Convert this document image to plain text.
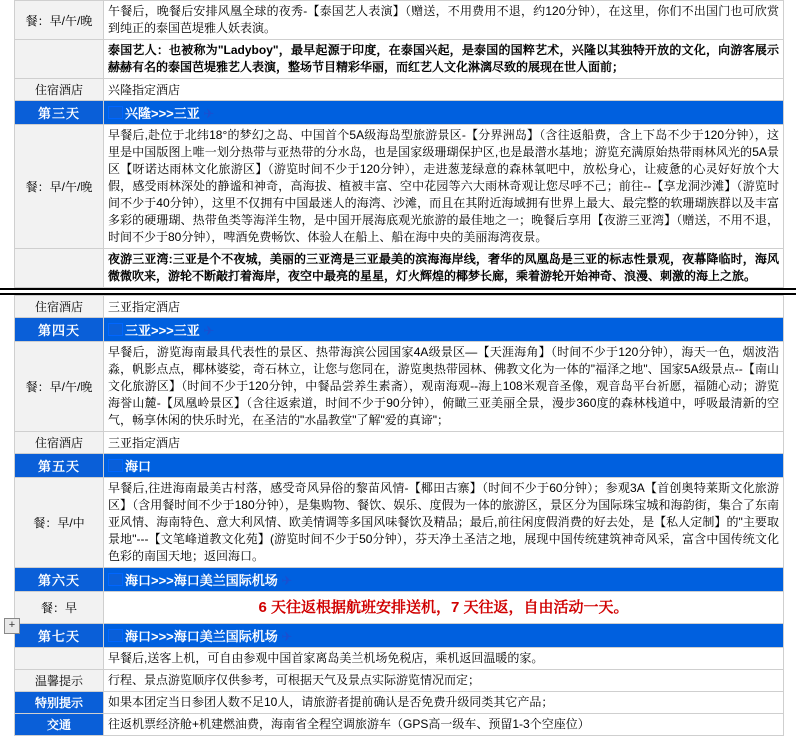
餐：早/午/晚	午餐后，晚餐后安排风凰全球的夜秀-【泰国艺人表演】（赠送，不用费用不退，约120分钟），在这里，你们不出国门也可欣赏到纯正的泰国芭堤雅人妖表演。
	泰国艺人：也被称为"Ladyboy"，最早起源于印度，在泰国兴起，是泰国的国粹艺术，兴隆以其独特开放的文化，向游客展示赫赫有名的泰国芭堤雅艺人表演，整场节目精彩华丽，而红艺人文化淋漓尽致的展现在世人面前；
住宿酒店	兴隆指定酒店
第三天	兴隆>>>三亚 ✈
餐：早/午/晚	早餐后,赴位于北纬18°的梦幻之岛、中国首个5A级海岛型旅游景区-【分界洲岛】（含往返船费，含上下岛不少于120分钟），这里是中国版图上唯一划分热带与亚热带的分水岛，也是国家级珊瑚保护区,也是最潜水基地；游览充满原始热带雨林风光的5A景区【呀诺达雨林文化旅游区】（游览时间不少于120分钟），走进葱茏绿意的森林氧吧中，放松身心，让疲惫的心灵好好放个大假，感受雨林深处的静谧和神奇，高海拔、植被丰富、空中花园等六大雨林奇观让您尽呼不己；前往--【享龙洞沙滩】（游览时间不少于40分钟），这里不仅拥有中国最迷人的海湾、沙滩，而且在其附近海域拥有世界上最大、最完整的软珊瑚族群以及丰富多彩的硬珊瑚、热带鱼类等海洋生物，是中国开展海底观光旅游的最佳地之一；晚餐后享用【夜游三亚湾】（赠送，不用不退，时间不少于80分钟），啤酒免费畅饮、体验人在船上、船在海中央的美丽海湾夜景。
	夜游三亚湾:三亚是个不夜城，美丽的三亚湾是三亚最美的滨海海岸线，奢华的凤凰岛是三亚的标志性景观，夜幕降临时，海风微微吹来，游轮不断敲打着海岸，夜空中最亮的星星，灯火辉煌的椰梦长廊，乘着游轮开始神奇、浪漫、刺激的海上之旅。
住宿酒店	三亚指定酒店
第四天	三亚>>>三亚 ✈
餐：早/午/晚	早餐后，游览海南最具代表性的景区、热带海滨公园国家4A级景区—【天涯海角】（时间不少于120分钟），海天一色，烟波浩淼，帆影点点，椰林婆娑，奇石林立，让您与您同在，游览奥热带园林、佛教文化为一体的"福泽之地"、国家5A级景点--【南山文化旅游区】（时间不少于120分钟，中餐品尝养生素斋），观南海观--海上108米观音圣像，观音岛平台祈愿，福随心动；游览海誉山麓-【凤凰岭景区】（含往返索道，时间不少于90分钟），俯瞰三亚美丽全景，漫步360度的森林栈道中，呼吸最清新的空气，畅享休闲的快乐时光，在圣洁的"水晶教堂"了解"爱的真谛"；
住宿酒店	三亚指定酒店
第五天	海口
餐：早/中	早餐后,往进海南最美古村落，感受奇风异俗的黎苗风情-【椰田古寨】（时间不少于60分钟）；参观3A【首创奥特莱斯文化旅游区】（含用餐时间不少于180分钟），是集购物、餐饮、娱乐、度假为一体的旅游区，景区分为国际珠宝城和海韵街，集合了东南亚风情、海南特色、意大利风情、欧美情调等多国风味餐饮及精品；最后,前往闲度假消费的好去处，是【私人定制】的"主要取景地"---【文笔峰道教文化苑】(游览时间不少于50分钟），芬天净土圣洁之地，展现中国传统建筑神奇风采，富含中国传统文化色彩的南国天地；返回海口。
第六天	海口>>>海口美兰国际机场 ✈
餐：早	6 天往返根据航班安排送机，7 天往返，自由活动一天。

第七天	海口>>>海口美兰国际机场 ✈
	早餐后,送客上机，可自由参观中国首家离岛美兰机场免税店，乘机返回温暖的家。
温馨提示	行程、景点游览顺序仅供参考，可根据天气及景点实际游览情况而定；
特别提示	如果本团定当日参团人数不足10人，请旅游者提前确认是否免费升级同类其它产品；
交通	往返机票经济舱+机建燃油费，海南省全程空调旅游车（GPS高一级车、预留1-3个空座位）
+
